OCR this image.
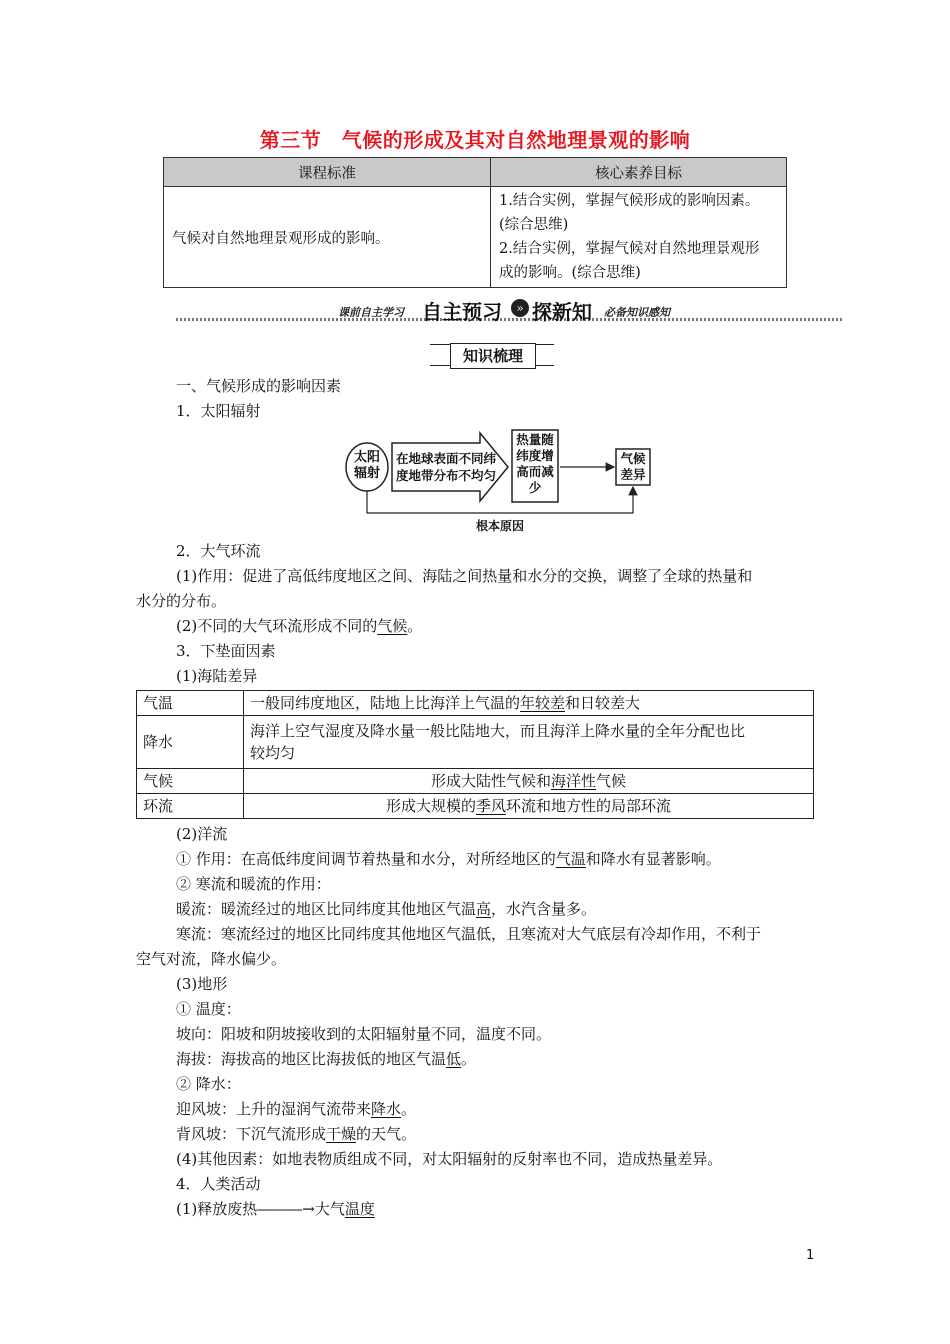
第三节　气候的形成及其对自然地理景观的影响
课程标准	核心素养目标
气候对自然地理景观形成的影响。	1.结合实例，掌握气候形成的影响因素。
(综合思维)
2.结合实例，掌握气候对自然地理景观形
成的影响。(综合思维)
课前自主学习 自主预习	» 探新知 必备知识感知
知识梳理
一、气候形成的影响因素
1．太阳辐射
太阳
辐射
在地球表面不同纬
度地带分布不均匀
热量随
纬度增
高而减
少
气候
差异
根本原因
2．大气环流
(1)作用：促进了高低纬度地区之间、海陆之间热量和水分的交换，调整了全球的热量和
水分的分布。
(2)不同的大气环流形成不同的气候。
3．下垫面因素
(1)海陆差异
气温	一般同纬度地区，陆地上比海洋上气温的年较差和日较差大
降水	海洋上空气湿度及降水量一般比陆地大，而且海洋上降水量的全年分配也比
较均匀

气候	形成大陆性气候和海洋性气候
环流	形成大规模的季风环流和地方性的局部环流
(2)洋流
① 作用：在高低纬度间调节着热量和水分，对所经地区的气温和降水有显著影响。
② 寒流和暖流的作用：
暖流：暖流经过的地区比同纬度其他地区气温高，水汽含量多。
寒流：寒流经过的地区比同纬度其他地区气温低，且寒流对大气底层有冷却作用，不利于
空气对流，降水偏少。
(3)地形
① 温度：
坡向：阳坡和阴坡接收到的太阳辐射量不同，温度不同。
海拔：海拔高的地区比海拔低的地区气温低。
② 降水：
迎风坡：上升的湿润气流带来降水。
背风坡：下沉气流形成干燥的天气。
(4)其他因素：如地表物质组成不同，对太阳辐射的反射率也不同，造成热量差异。
4．人类活动
(1)释放废热―――→大气温度
1
